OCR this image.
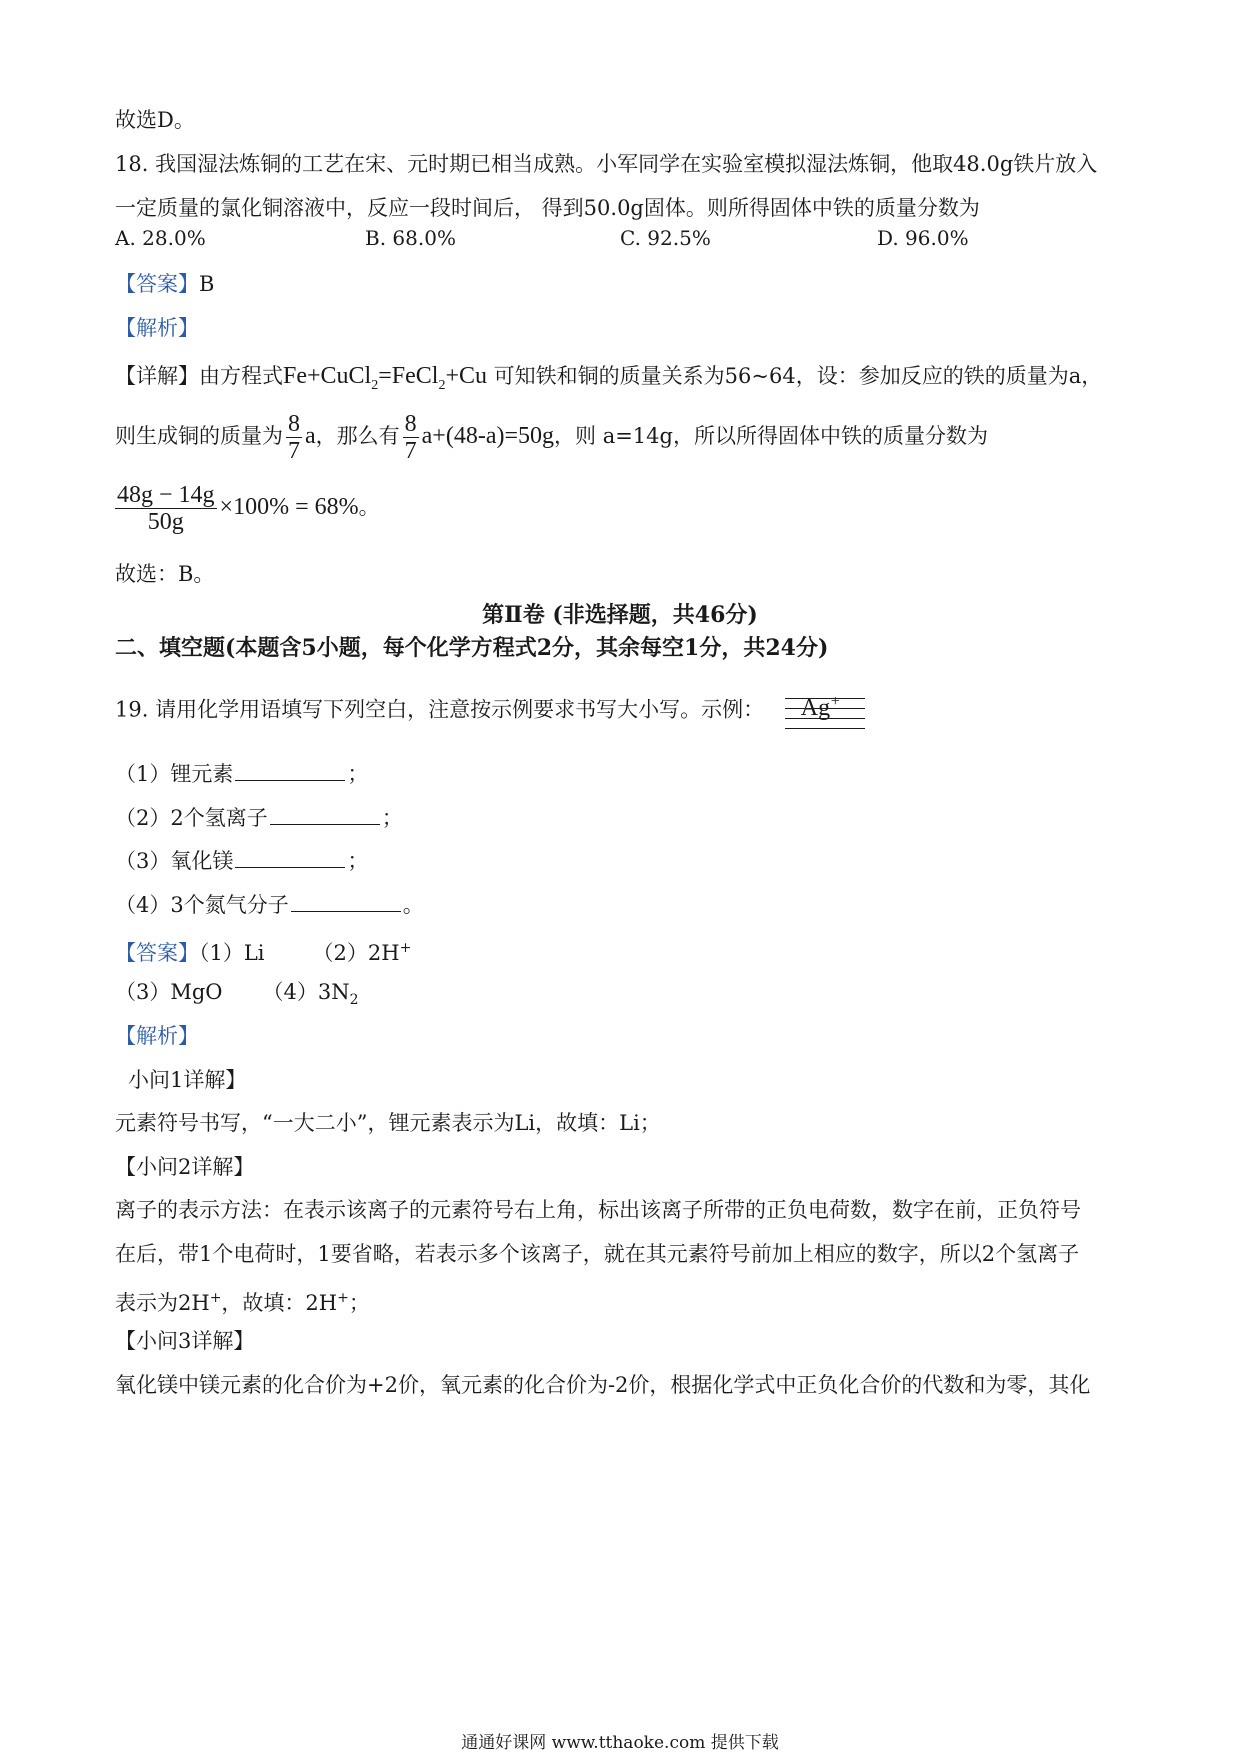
故选D。
18. 我国湿法炼铜的工艺在宋、元时期已相当成熟。小军同学在实验室模拟湿法炼铜，他取48.0g铁片放入
一定质量的氯化铜溶液中，反应一段时间后， 得到50.0g固体。则所得固体中铁的质量分数为
A. 28.0%	B. 68.0%	C. 92.5%	D. 96.0%
【答案】B
【解析】
【详解】由方程式Fe+CuCl$_2$=FeCl$_2$+Cu 可知铁和铜的质量关系为56~64，设：参加反应的铁的质量为a，
则生成铜的质量为 $\frac{8}{7}$ a，那么有 $\frac{8}{7} a+(48-a)=50g$，则 a=14g，所以所得固体中铁的质量分数为
$\frac{48g - 14g}{50g} \times 100\% = 68\%$。
故选：B。
第Ⅱ卷 (非选择题，共46分)
二、填空题(本题含5小题，每个化学方程式2分，其余每空1分，共24分)
19. 请用化学用语填写下列空白，注意按示例要求书写大小写。示例： Ag +
（1）锂元素	；
（2）2个氢离子	；
（3）氧化镁	；
（4）3个氮气分子	。
【答案】（1）Li （2）2H+
（3）MgO $(4)3N_2$
【解析】
小问1详解】
元素符号书写，“一大二小”，锂元素表示为Li，故填：Li；
【小问2详解】
离子的表示方法：在表示该离子的元素符号右上角，标出该离子所带的正负电荷数，数字在前，正负符号
在后，带1个电荷时，1要省略，若表示多个该离子，就在其元素符号前加上相应的数字，所以2个氢离子
表示为2H+，故填：2H+；
【小问3详解】
氧化镁中镁元素的化合价为+2价，氧元素的化合价为-2价，根据化学式中正负化合价的代数和为零，其化
通通好课网 www.tthaoke.com 提供下载
